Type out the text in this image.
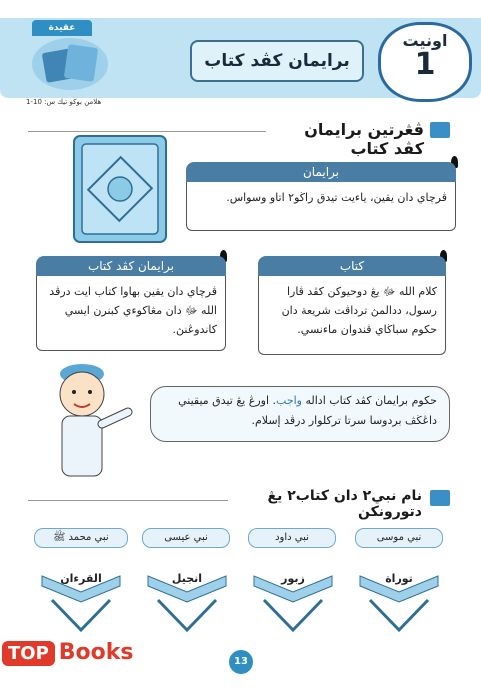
عقيدة
برايمان كڤد كتاب
اونيت
1
هلامن بوكو تيك س: 10-1
ڤڠرتين برايمان كڤد كتاب
برايمان
ڤرچاي دان يقين، ياءيت تيدق راڬو٢ اتاو وسواس.
برايمان كڤد كتاب
ڤرچاي دان يقين بهاوا كتاب ايت درڤد الله ﷻ دان مڠاكوءي كبنرن ايسي كاندوڠنڽ.
كتاب
كلام الله ﷻ يڠ دوحيوكن كڤد ڤارا رسول، ددالمڽ ترداڤت شريعة دان حكوم سباڬاي ڤندوان ماءنسي.
حكوم برايمان كڤد كتاب اداله واجب. اورڠ يڠ تيدق ميقيني داڠڬڤ بردوسا سرتا تركلوار درڤد إسلام.
نام نبي٢ دان كتاب٢ يڠ دتورونكن
نبي موسى
نبي داود
نبي عيسى
نبي محمد ﷺ
توراة
زبور
انجيل
القرءان
13
TOP Books
